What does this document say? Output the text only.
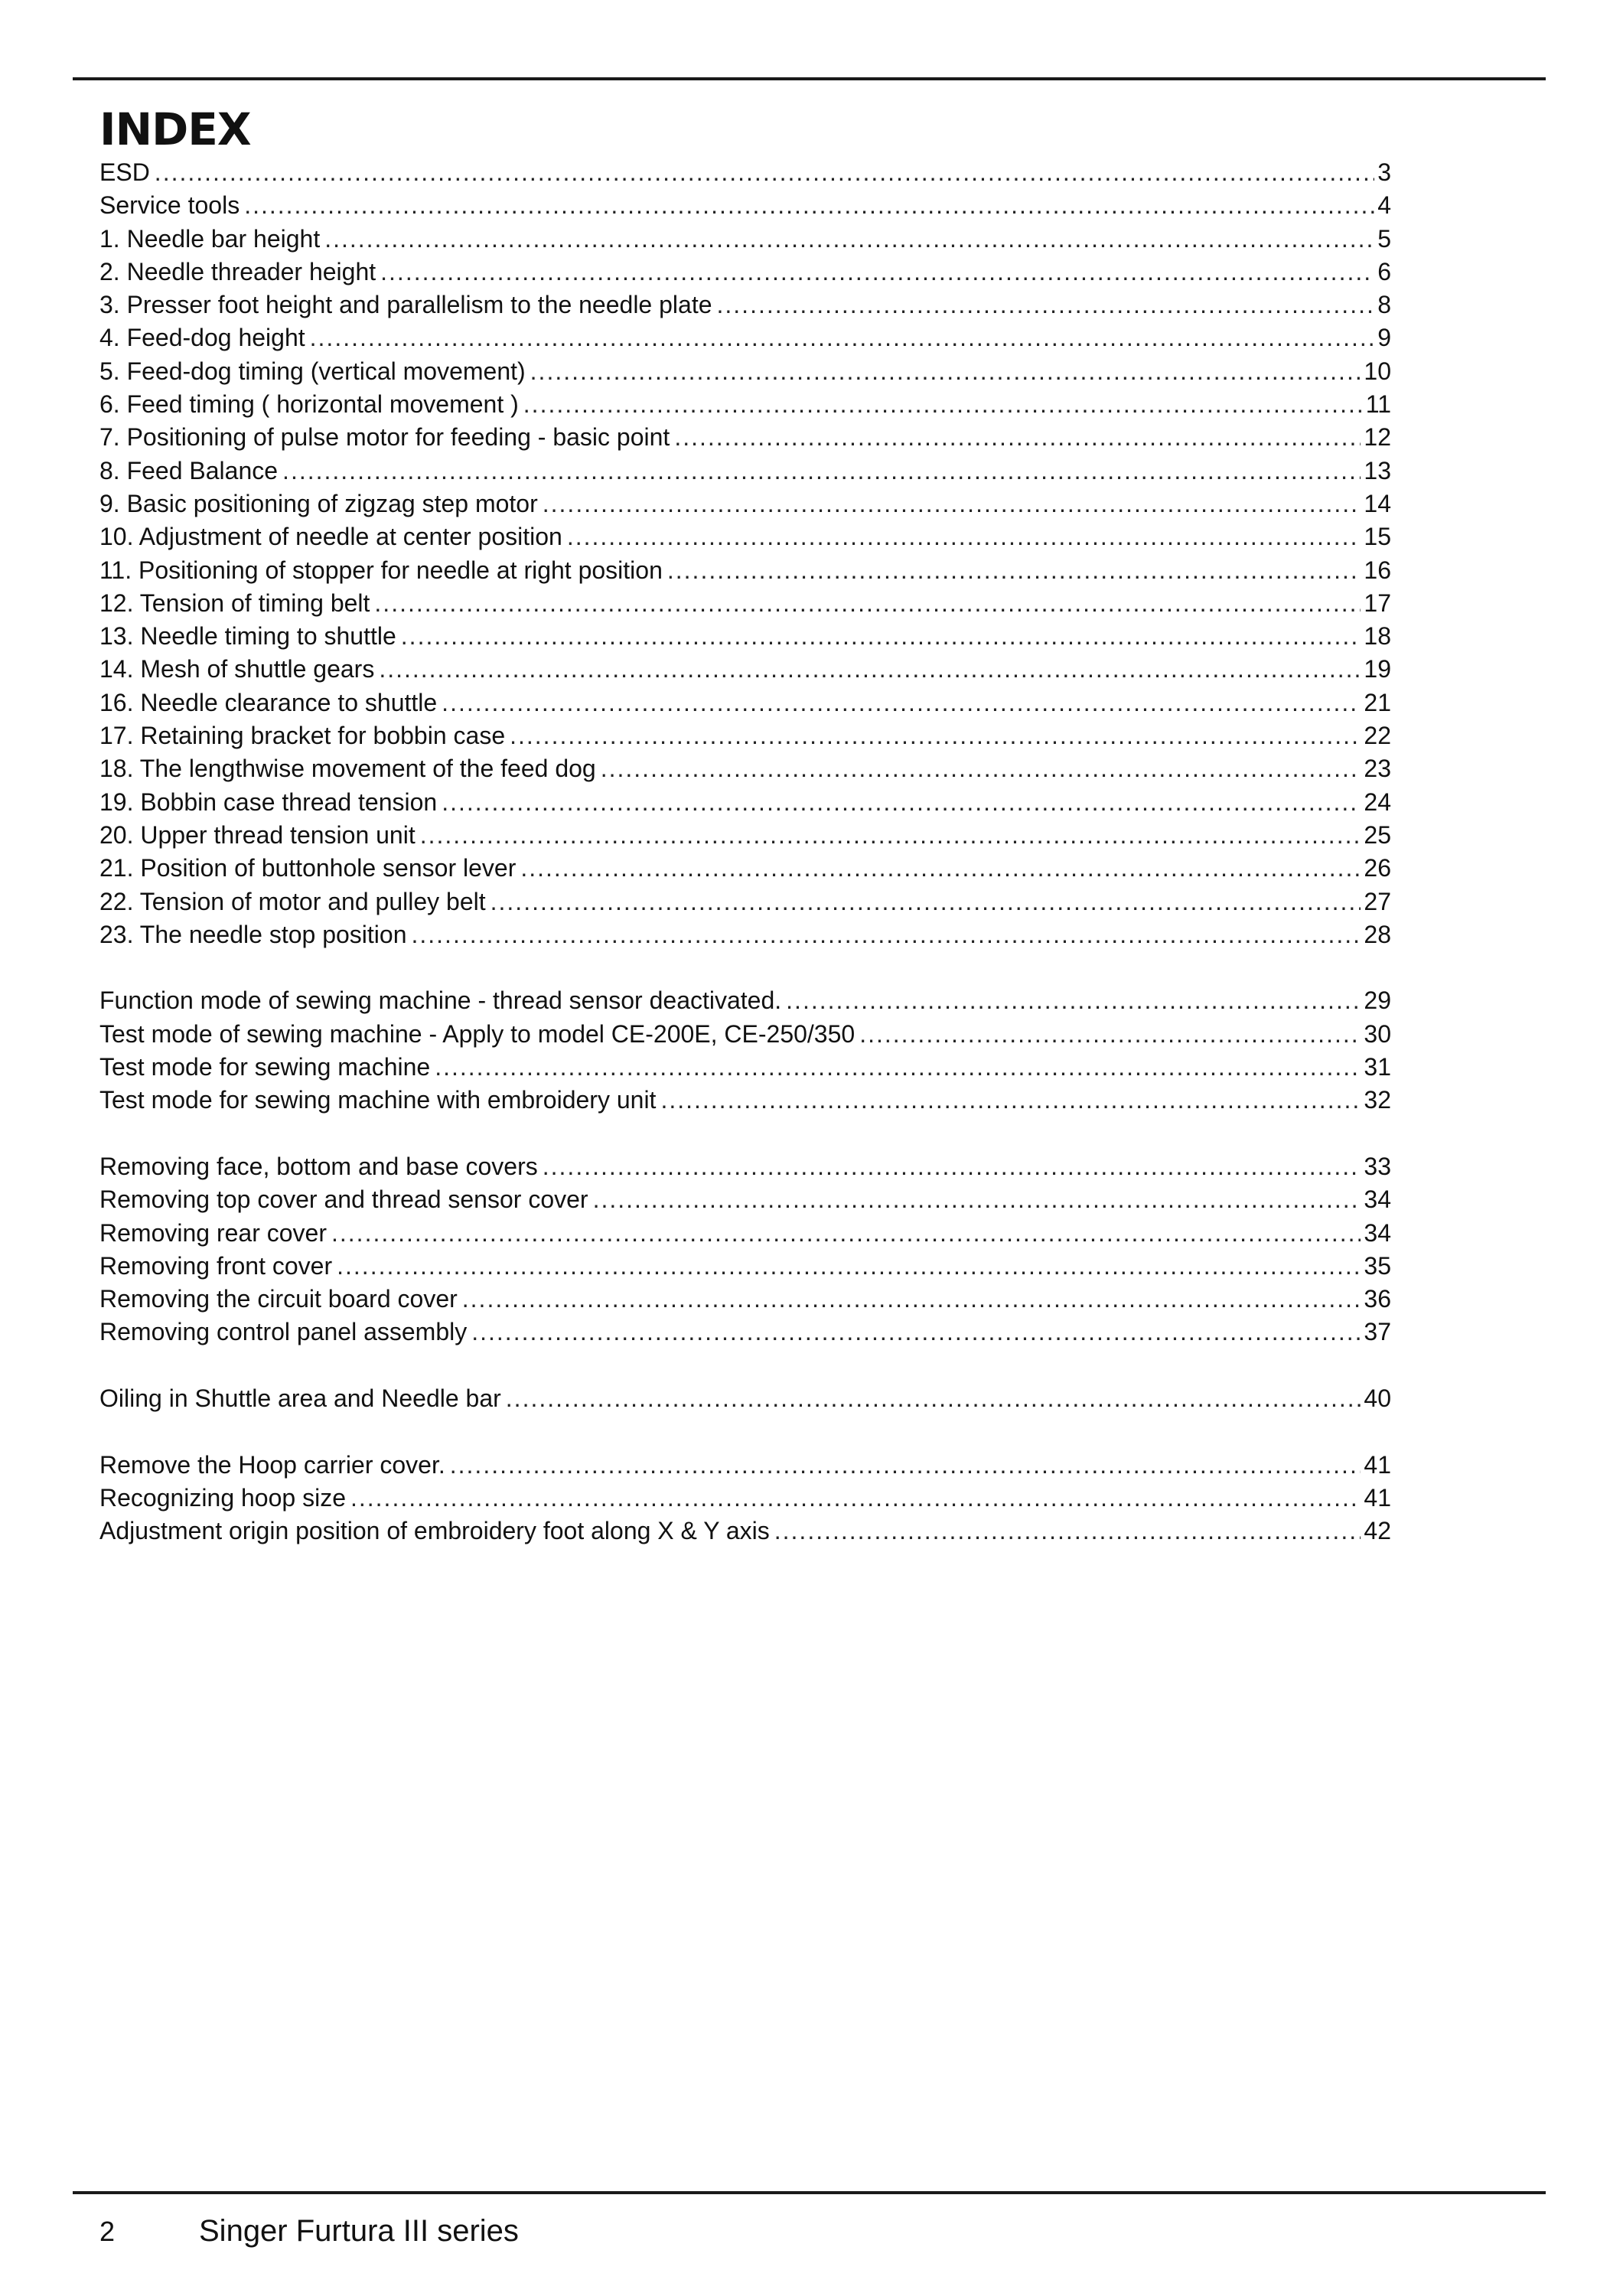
INDEX
ESD .....	3
Service tools .....	4
1. Needle bar height .....	5
2. Needle threader height .....	6
3. Presser foot height and parallelism to the needle plate .....	8
4. Feed-dog height .....	9
5. Feed-dog timing (vertical movement) .....	10
6. Feed timing ( horizontal movement ) .....	11
7. Positioning of pulse motor for feeding - basic point .....	12
8. Feed Balance .....	13
9. Basic positioning of zigzag step motor .....	14
10. Adjustment of needle at center position .....	15
11. Positioning of stopper for needle at right position .....	16
12. Tension of timing belt .....	17
13. Needle timing to shuttle .....	18
14. Mesh of shuttle gears .....	19
16. Needle clearance to shuttle .....	21
17. Retaining bracket for bobbin case .....	22
18. The lengthwise movement of the feed dog .....	23
19. Bobbin case thread tension .....	24
20. Upper thread tension unit .....	25
21. Position of buttonhole sensor lever .....	26
22. Tension of motor and pulley belt .....	27
23. The needle stop position .....	28
Function mode of sewing machine - thread sensor deactivated. .....	29
Test mode of sewing machine - Apply to model CE-200E, CE-250/350 .....	30
Test mode for sewing machine .....	31
Test mode for sewing machine with embroidery unit .....	32
Removing face, bottom and base covers .....	33
Removing top cover and thread sensor cover .....	34
Removing rear cover .....	34
Removing front cover .....	35
Removing the circuit board cover .....	36
Removing control panel assembly .....	37
Oiling in Shuttle area and Needle bar .....	40
Remove the Hoop carrier cover. .....	41
Recognizing hoop size .....	41
Adjustment origin position of embroidery foot along X & Y axis .....	42
2	Singer Furtura III series
